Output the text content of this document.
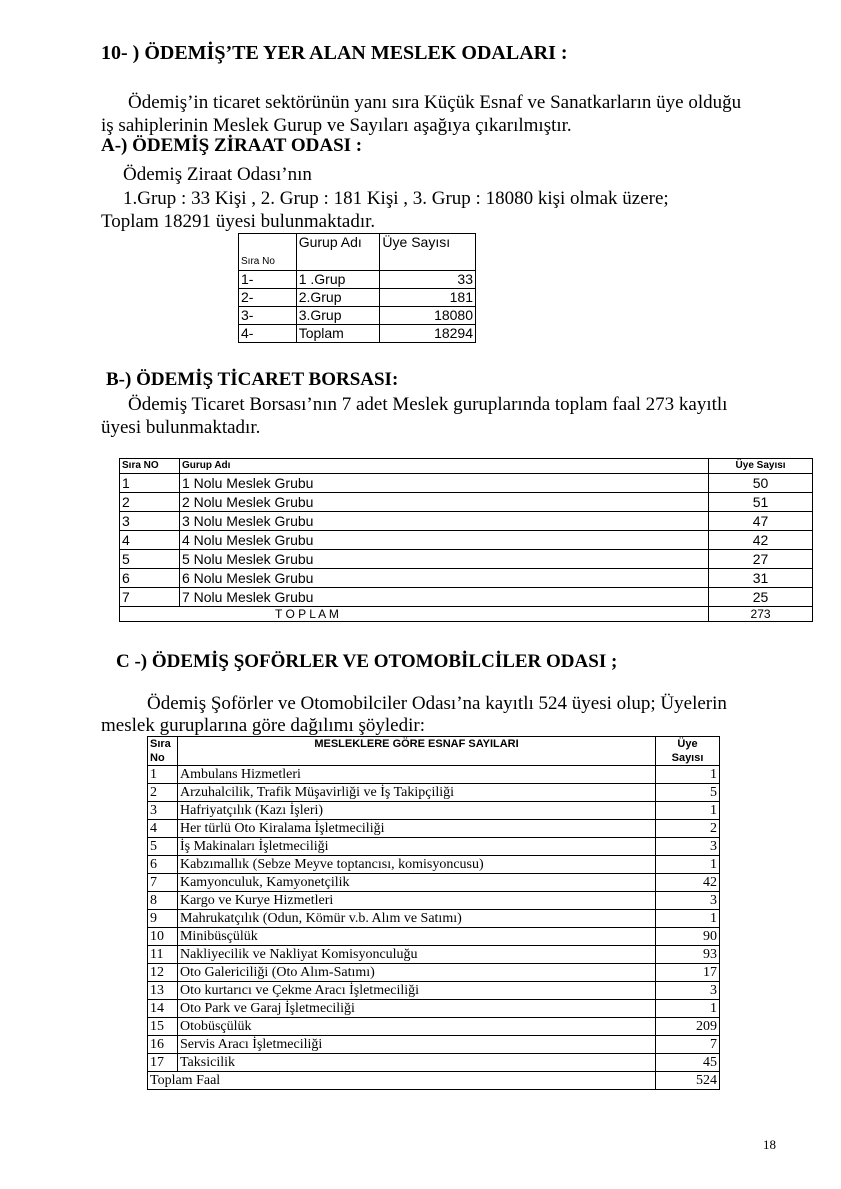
10- ) ÖDEMİŞ’TE YER ALAN MESLEK ODALARI :
Ödemiş’in ticaret sektörünün yanı sıra Küçük Esnaf ve Sanatkarların üye olduğu
iş sahiplerinin Meslek Gurup ve Sayıları aşağıya çıkarılmıştır.
A-) ÖDEMİŞ ZİRAAT ODASI :
Ödemiş Ziraat Odası’nın
1.Grup : 33 Kişi , 2. Grup : 181 Kişi , 3. Grup : 18080 kişi olmak üzere;
Toplam 18291 üyesi bulunmaktadır.
Sıra No	Gurup Adı	Üye Sayısı
1-	1 .Grup	33
2-	2.Grup	181
3-	3.Grup	18080
4-	Toplam	18294
B-) ÖDEMİŞ TİCARET BORSASI:
Ödemiş Ticaret Borsası’nın 7 adet Meslek guruplarında toplam faal 273 kayıtlı
üyesi bulunmaktadır.
Sıra NO	Gurup Adı	Üye Sayısı
1	1 Nolu Meslek Grubu	50
2	2 Nolu Meslek Grubu	51
3	3 Nolu Meslek Grubu	47
4	4 Nolu Meslek Grubu	42
5	5 Nolu Meslek Grubu	27
6	6 Nolu Meslek Grubu	31
7	7 Nolu Meslek Grubu	25
T O P L A M		273
C -) ÖDEMİŞ ŞOFÖRLER VE OTOMOBİLCİLER ODASI ;
Ödemiş Şoförler ve Otomobilciler Odası’na kayıtlı 524 üyesi olup; Üyelerin
meslek guruplarına göre dağılımı şöyledir:
Sıra
No	MESLEKLERE GÖRE ESNAF SAYILARI	Üye
Sayısı
1	Ambulans Hizmetleri	1
2	Arzuhalcilik, Trafik Müşavirliği ve İş Takipçiliği	5
3	Hafriyatçılık (Kazı İşleri)	1
4	Her türlü Oto Kiralama İşletmeciliği	2
5	İş Makinaları İşletmeciliği	3
6	Kabzımallık (Sebze Meyve toptancısı, komisyoncusu)	1
7	Kamyonculuk, Kamyonetçilik	42
8	Kargo ve Kurye Hizmetleri	3
9	Mahrukatçılık (Odun, Kömür v.b. Alım ve Satımı)	1
10	Minibüsçülük	90
11	Nakliyecilik ve Nakliyat Komisyonculuğu	93
12	Oto Galericiliği (Oto Alım-Satımı)	17
13	Oto kurtarıcı ve Çekme Aracı İşletmeciliği	3
14	Oto Park ve Garaj İşletmeciliği	1
15	Otobüsçülük	209
16	Servis Aracı İşletmeciliği	7
17	Taksicilik	45
Toplam Faal		524
18
